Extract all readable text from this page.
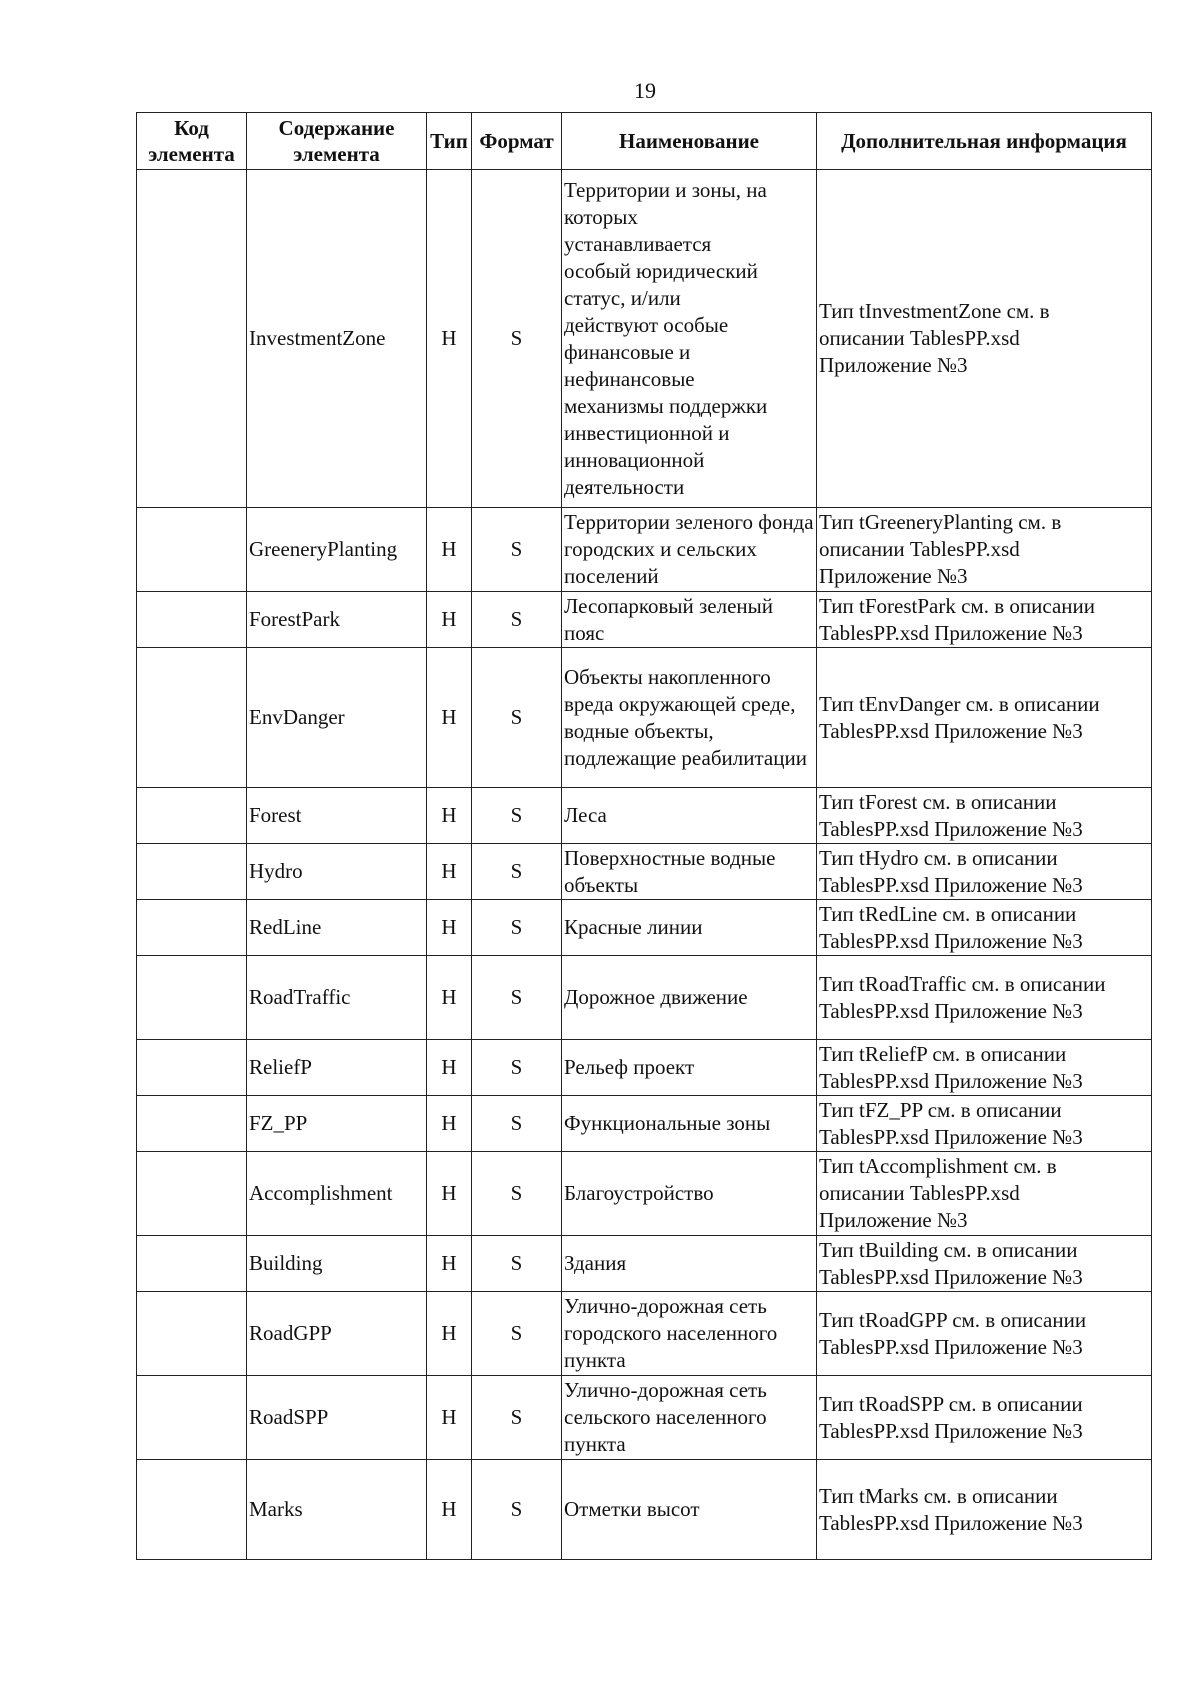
19
Код элемента	Содержание элемента	Тип	Формат	Наименование	Дополнительная информация
	InvestmentZone	Н	S	Территории и зоны, на которых устанавливается особый юридический статус, и/или действуют особые финансовые и нефинансовые механизмы поддержки инвестиционной и инновационной деятельности	Тип tInvestmentZone см. в описании TablesPP.xsd Приложение №3
	GreeneryPlanting	Н	S	Территории зеленого фонда городских и сельских поселений	Тип tGreeneryPlanting см. в описании TablesPP.xsd Приложение №3
	ForestPark	Н	S	Лесопарковый зеленый пояс	Тип tForestPark см. в описании TablesPP.xsd Приложение №3
	EnvDanger	Н	S	Объекты накопленного вреда окружающей среде, водные объекты, подлежащие реабилитации	Тип tEnvDanger см. в описании TablesPP.xsd Приложение №3
	Forest	Н	S	Леса	Тип tForest см. в описании TablesPP.xsd Приложение №3
	Hydro	Н	S	Поверхностные водные объекты	Тип tHydro см. в описании TablesPP.xsd Приложение №3
	RedLine	Н	S	Красные линии	Тип tRedLine см. в описании TablesPP.xsd Приложение №3
	RoadTraffic	Н	S	Дорожное движение	Тип tRoadTraffic см. в описании TablesPP.xsd Приложение №3
	ReliefP	Н	S	Рельеф проект	Тип tReliefP см. в описании TablesPP.xsd Приложение №3
	FZ_PP	Н	S	Функциональные зоны	Тип tFZ_PP см. в описании TablesPP.xsd Приложение №3
	Accomplishment	Н	S	Благоустройство	Тип tAccomplishment см. в описании TablesPP.xsd Приложение №3
	Building	Н	S	Здания	Тип tBuilding см. в описании TablesPP.xsd Приложение №3
	RoadGPP	Н	S	Улично-дорожная сеть городского населенного пункта	Тип tRoadGPP см. в описании TablesPP.xsd Приложение №3
	RoadSPP	Н	S	Улично-дорожная сеть сельского населенного пункта	Тип tRoadSPP см. в описании TablesPP.xsd Приложение №3
	Marks	Н	S	Отметки высот	Тип tMarks см. в описании TablesPP.xsd Приложение №3
